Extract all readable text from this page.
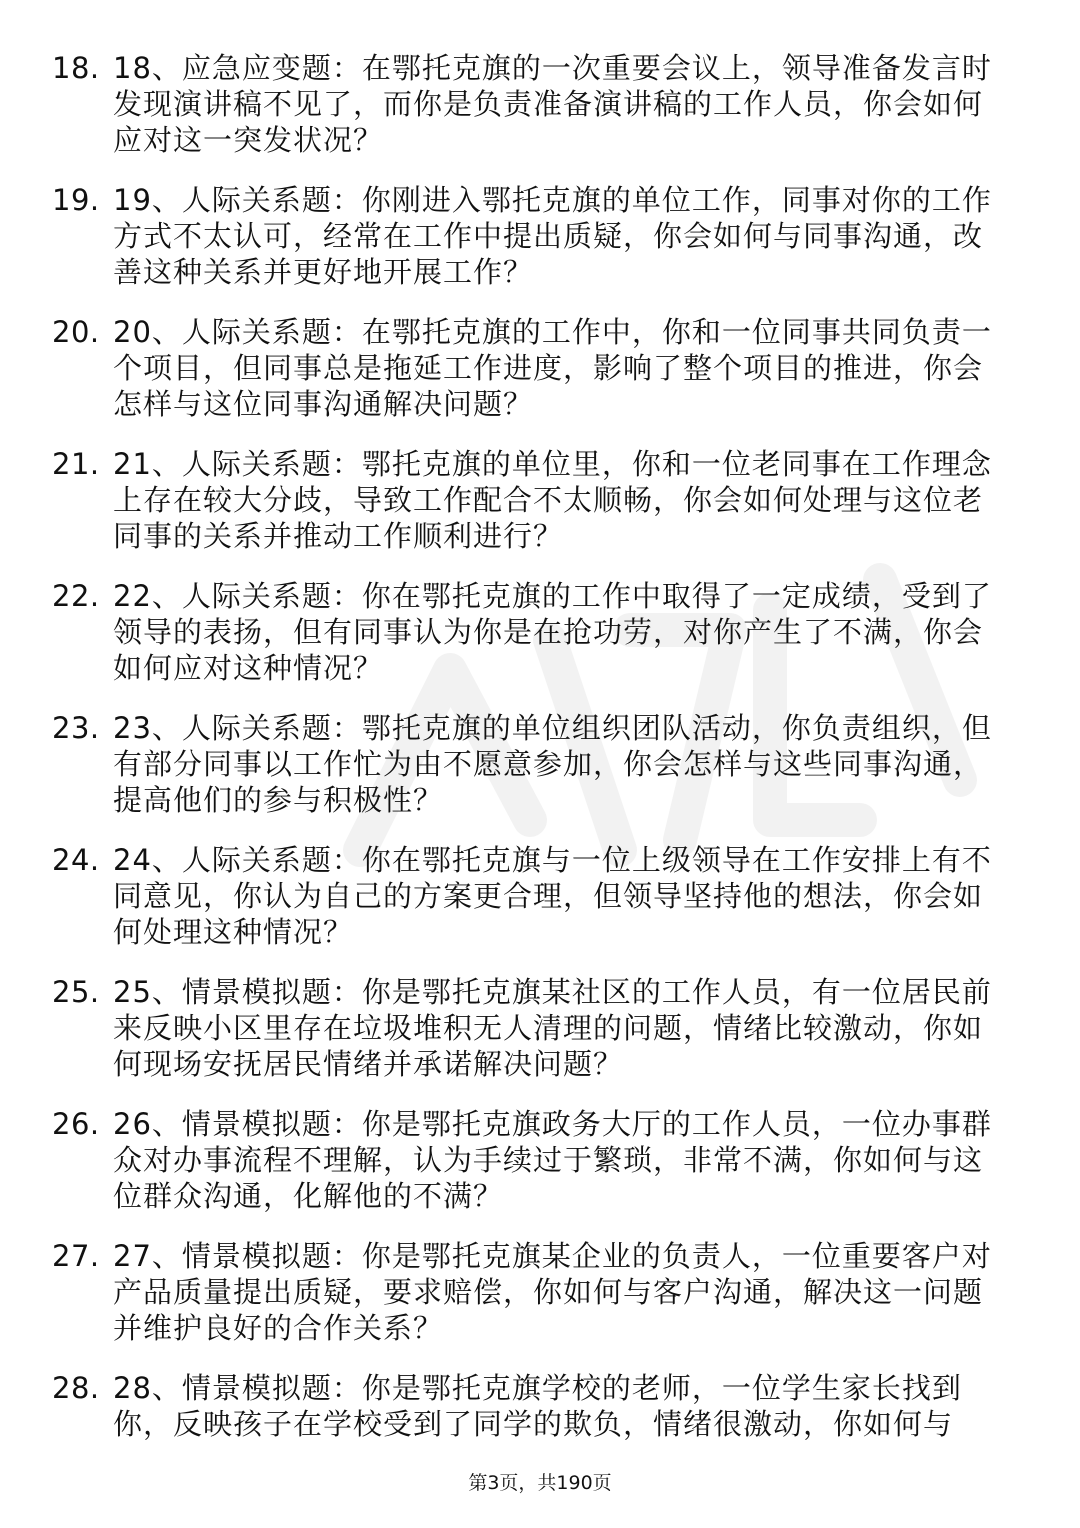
18. 18、应急应变题：在鄂托克旗的一次重要会议上，领导准备发言时发现演讲稿不见了，而你是负责准备演讲稿的工作人员，你会如何应对这一突发状况？
19. 19、人际关系题：你刚进入鄂托克旗的单位工作，同事对你的工作方式不太认可，经常在工作中提出质疑，你会如何与同事沟通，改善这种关系并更好地开展工作？
20. 20、人际关系题：在鄂托克旗的工作中，你和一位同事共同负责一个项目，但同事总是拖延工作进度，影响了整个项目的推进，你会怎样与这位同事沟通解决问题？
21. 21、人际关系题：鄂托克旗的单位里，你和一位老同事在工作理念上存在较大分歧，导致工作配合不太顺畅，你会如何处理与这位老同事的关系并推动工作顺利进行？
22. 22、人际关系题：你在鄂托克旗的工作中取得了一定成绩，受到了领导的表扬，但有同事认为你是在抢功劳，对你产生了不满，你会如何应对这种情况？
23. 23、人际关系题：鄂托克旗的单位组织团队活动，你负责组织，但有部分同事以工作忙为由不愿意参加，你会怎样与这些同事沟通，提高他们的参与积极性？
24. 24、人际关系题：你在鄂托克旗与一位上级领导在工作安排上有不同意见，你认为自己的方案更合理，但领导坚持他的想法，你会如何处理这种情况？
25. 25、情景模拟题：你是鄂托克旗某社区的工作人员，有一位居民前来反映小区里存在垃圾堆积无人清理的问题，情绪比较激动，你如何现场安抚居民情绪并承诺解决问题？
26. 26、情景模拟题：你是鄂托克旗政务大厅的工作人员，一位办事群众对办事流程不理解，认为手续过于繁琐，非常不满，你如何与这位群众沟通，化解他的不满？
27. 27、情景模拟题：你是鄂托克旗某企业的负责人，一位重要客户对产品质量提出质疑，要求赔偿，你如何与客户沟通，解决这一问题并维护良好的合作关系？
28. 28、情景模拟题：你是鄂托克旗学校的老师，一位学生家长找到你，反映孩子在学校受到了同学的欺负，情绪很激动，你如何与
第3页，共190页
